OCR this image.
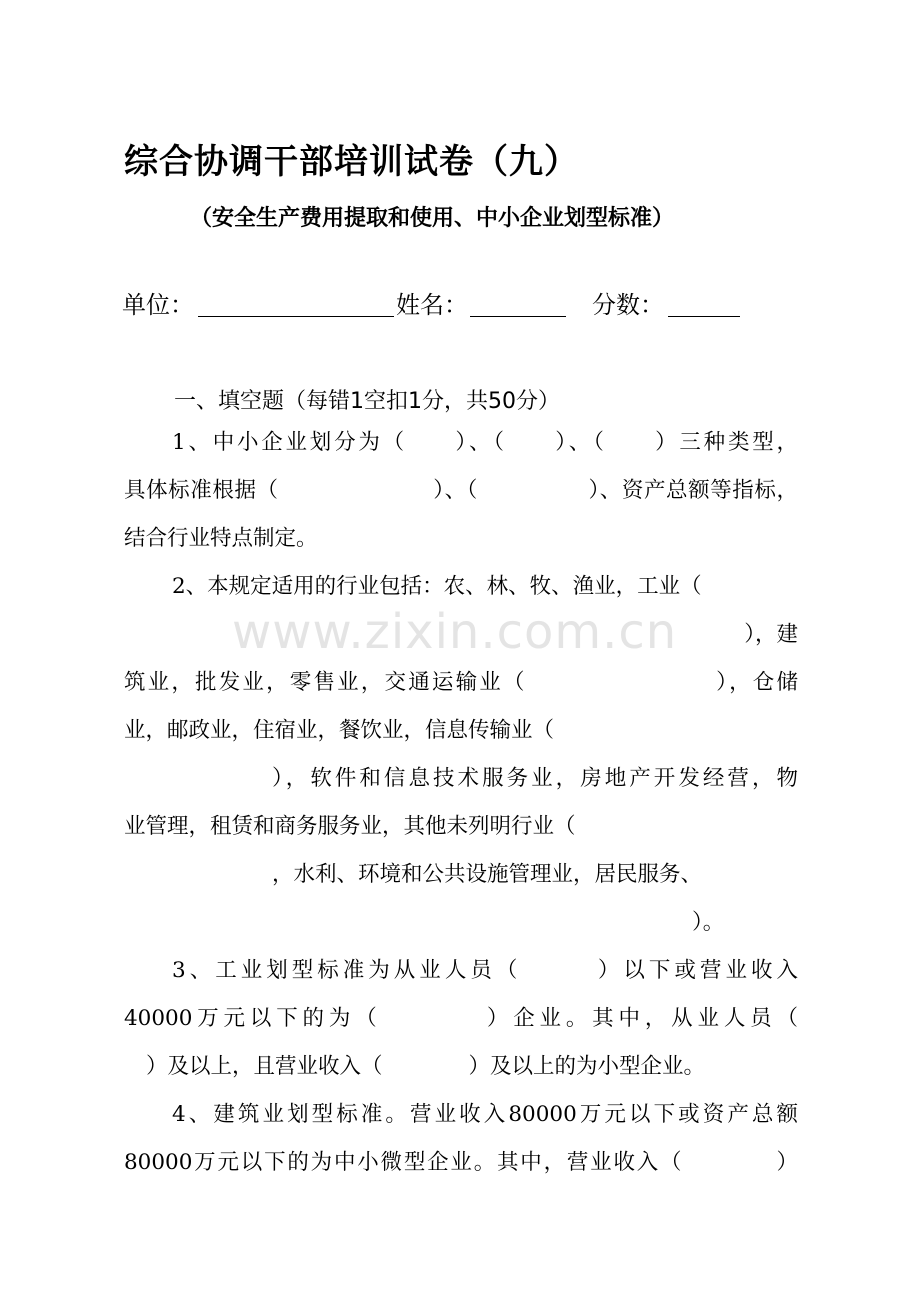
www.zixin.com.cn
综合协调干部培训试卷（九）
（安全生产费用提取和使用、中小企业划型标准）
单位：	姓名：	分数：
一、填空题（每错1空扣1分，共50分）
1、中小企业划分为（　　）、（　　）、（　　）三种类型，
具体标准根据（　　　　　　　）、（　　　　　）、资产总额等指标，
结合行业特点制定。
2、本规定适用的行业包括：农、林、牧、渔业，工业（
），建
筑业，批发业，零售业，交通运输业（　　　　　　　　），仓储
业，邮政业，住宿业，餐饮业，信息传输业（
），软件和信息技术服务业，房地产开发经营，物
业管理，租赁和商务服务业，其他未列明行业（
，水利、环境和公共设施管理业，居民服务、
）。
3、工业划型标准为从业人员（　　　）以下或营业收入
40000万元以下的为（　　　　）企业。其中，从业人员（
）及以上，且营业收入（　　　　）及以上的为小型企业。
4、建筑业划型标准。营业收入80000万元以下或资产总额
80000万元以下的为中小微型企业。其中，营业收入（　　　　）
